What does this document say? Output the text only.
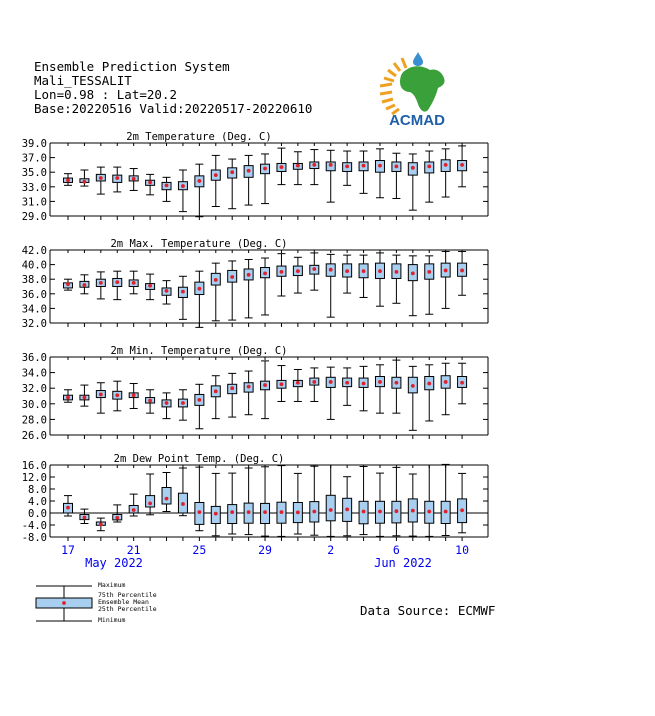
Ensemble Prediction System
Mali_TESSALIT
Lon=0.98 : Lat=20.2
Base:20220516 Valid:20220517-20220610
ACMAD
2m Temperature (Deg. C)
39.0
37.0
35.0
33.0
31.0
29.0
2m Max. Temperature (Deg. C)
42.0
40.0
38.0
36.0
34.0
32.0
2m Min. Temperature (Deg. C)
36.0
34.0
32.0
30.0
28.0
26.0
2m Dew Point Temp. (Deg. C)
16.0
12.0
8.0
4.0
0.0
-4.0
-8.0
17	21	25	29	2	6	10
May 2022	Jun 2022
Maximum
75th Percentile
Emsemble Mean
25th Percentile
Minimum
Data Source: ECMWF
